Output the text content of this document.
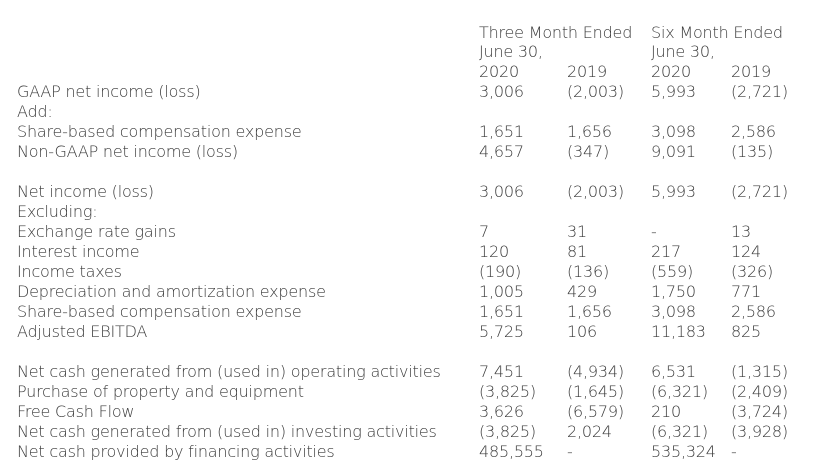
Three Month Ended
June 30,
Six Month Ended
June 30,
2020	2019	2020	2019
GAAP net income (loss)	3,006	(2,003) 5,993 (2,721)
Add:
Share-based compensation expense	1,651	1,656 3,098 2,586
Non-GAAP net income (loss)	4,657	(347)	9,091 (135)
Net income (loss)	3,006	(2,003) 5,993 (2,721)
Excluding:
Exchange rate gains	7	31	-	13
Interest income	120	81	217	124
Income taxes	(190)	(136)	(559) (326)
Depreciation and amortization expense	1,005	429	1,750 771
Share-based compensation expense	1,651	1,656 3,098 2,586
Adjusted EBITDA	5,725	106	11,183 825
Net cash generated from (used in) operating activities 7,451	(4,934) 6,531 (1,315)
Purchase of property and equipment	(3,825) (1,645) (6,321) (2,409)
Free Cash Flow	3,626	(6,579) 210	(3,724)
Net cash generated from (used in) investing activities	(3,825) 2,024 (6,321) (3,928)
Net cash provided by financing activities	485,555 -	535,324 -
